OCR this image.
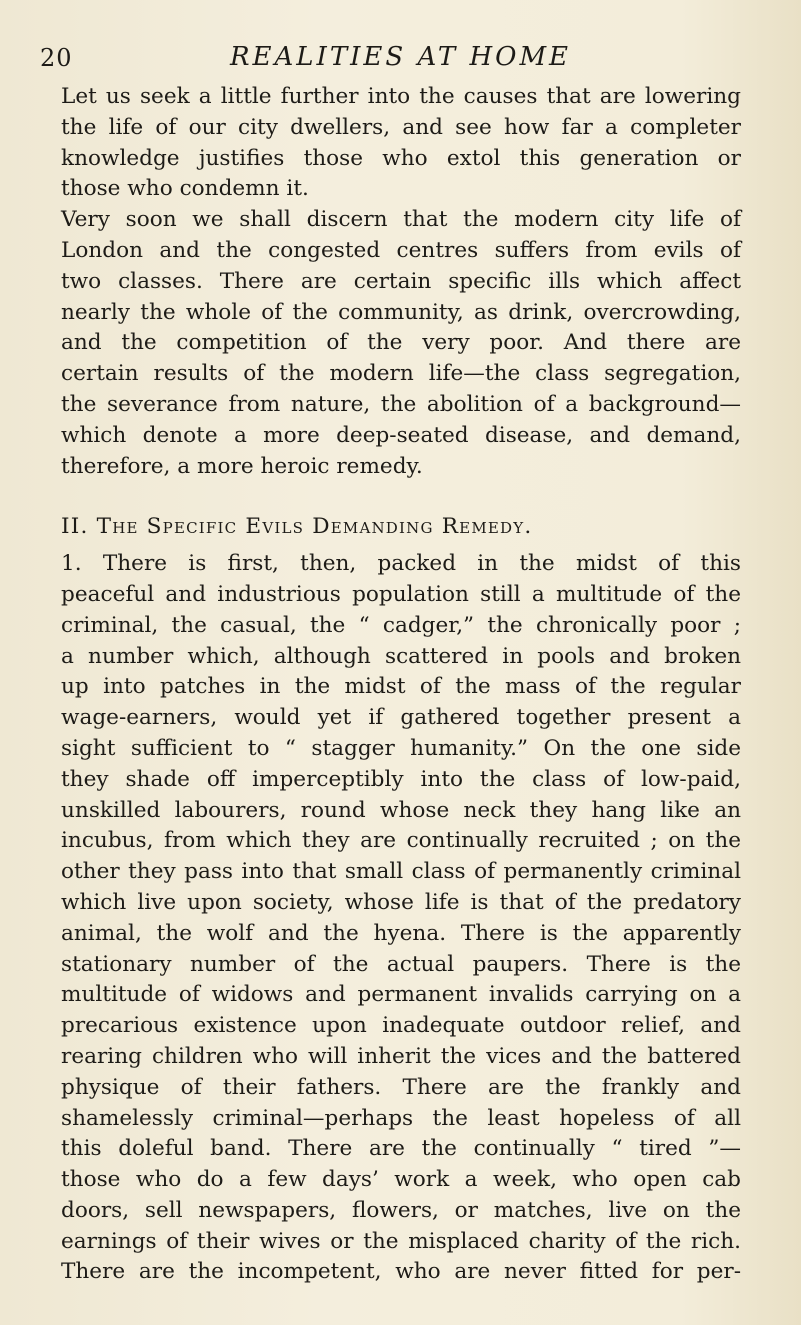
20	REALITIES AT HOME

Let us seek a little further into the causes that are lowering
the life of our city dwellers, and see how far a completer
knowledge justifies those who extol this generation or
those who condemn it.

Very soon we shall discern that the modern city life of
London and the congested centres suffers from evils of
two classes. There are certain specific ills which affect
nearly the whole of the community, as drink, overcrowding,
and the competition of the very poor. And there are
certain results of the modern life—the class segregation,
the severance from nature, the abolition of a background—
which denote a more deep-seated disease, and demand,
therefore, a more heroic remedy.

II. The Specific Evils Demanding Remedy.

1. There is first, then, packed in the midst of this
peaceful and industrious population still a multitude of the
criminal, the casual, the “ cadger,” the chronically poor ;
a number which, although scattered in pools and broken
up into patches in the midst of the mass of the regular
wage-earners, would yet if gathered together present a
sight sufficient to “ stagger humanity.” On the one side
they shade off imperceptibly into the class of low-paid,
unskilled labourers, round whose neck they hang like an
incubus, from which they are continually recruited ; on the
other they pass into that small class of permanently criminal
which live upon society, whose life is that of the predatory
animal, the wolf and the hyena. There is the apparently
stationary number of the actual paupers. There is the
multitude of widows and permanent invalids carrying on a
precarious existence upon inadequate outdoor relief, and
rearing children who will inherit the vices and the battered
physique of their fathers. There are the frankly and
shamelessly criminal—perhaps the least hopeless of all
this doleful band. There are the continually “ tired ”—
those who do a few days’ work a week, who open cab
doors, sell newspapers, flowers, or matches, live on the
earnings of their wives or the misplaced charity of the rich.
There are the incompetent, who are never fitted for per-
